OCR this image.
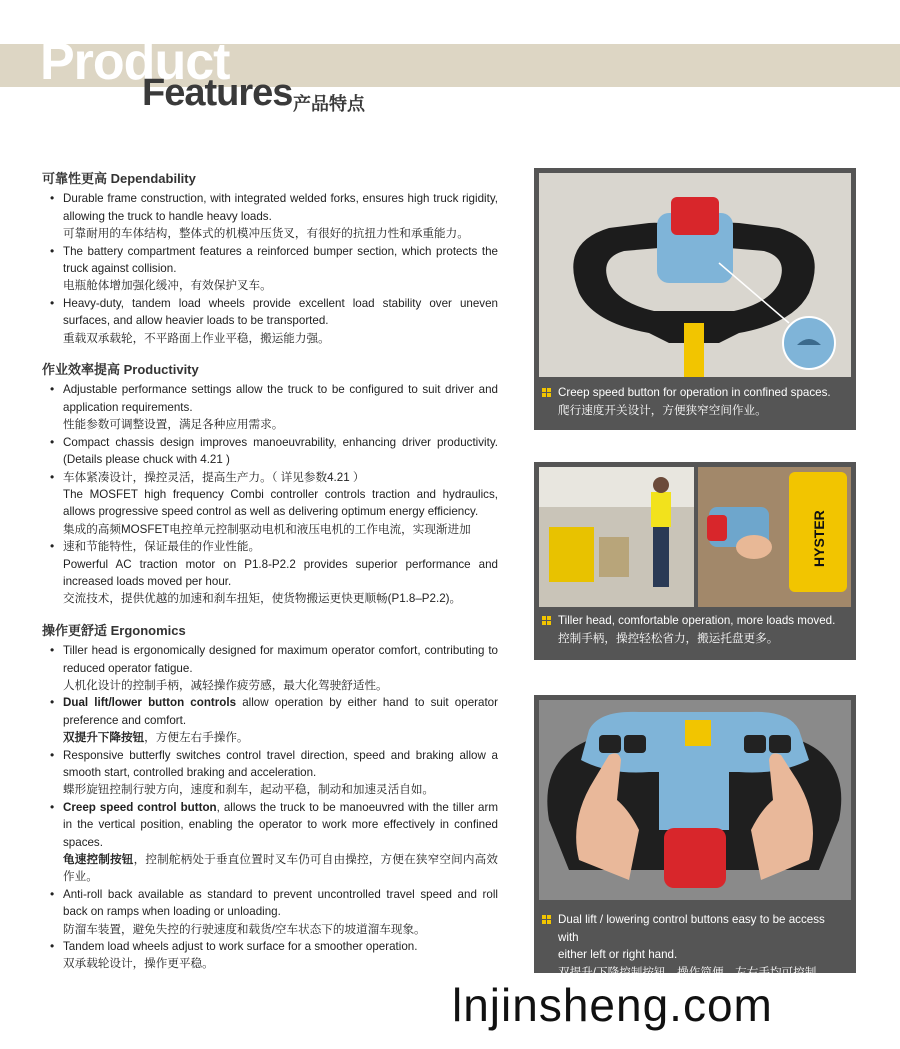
Product
Features 产品特点
可靠性更高 Dependability
• Durable frame construction, with integrated welded forks, ensures high truck rigidity, allowing the truck to handle heavy loads.
可靠耐用的车体结构，整体式的机模冲压货叉，有很好的抗扭力性和承重能力。
• The battery compartment features a reinforced bumper section, which protects the truck against collision.
电瓶舱体增加强化缓冲，有效保护叉车。
• Heavy-duty, tandem load wheels provide excellent load stability over uneven surfaces, and allow heavier loads to be transported.
重载双承载轮，不平路面上作业平稳，搬运能力强。
作业效率提高 Productivity
• Adjustable performance settings allow the truck to be configured to suit driver and application requirements.
性能参数可调整设置，满足各种应用需求。
• Compact chassis design improves manoeuvrability, enhancing driver productivity. (Details please chuck with 4.21 )
• 车体紧凑设计，操控灵活，提高生产力。（ 详见参数4.21 ）
The MOSFET high frequency Combi controller controls traction and hydraulics, allows progressive speed control as well as delivering optimum energy efficiency.
集成的高频MOSFET电控单元控制驱动电机和液压电机的工作电流，实现渐进加
• 速和节能特性，保证最佳的作业性能。
Powerful AC traction motor on P1.8-P2.2 provides superior performance and increased loads moved per hour.
交流技术，提供优越的加速和刹车扭矩，使货物搬运更快更顺畅(P1.8–P2.2)。
操作更舒适 Ergonomics
• Tiller head is ergonomically designed for maximum operator comfort, contributing to reduced operator fatigue.
人机化设计的控制手柄，减轻操作疲劳感，最大化驾驶舒适性。
• Dual lift/lower button controls allow operation by either hand to suit operator preference and comfort.
双提升下降按钮，方便左右手操作。
• Responsive butterfly switches control travel direction, speed and braking allow a smooth start, controlled braking and acceleration.
蝶形旋钮控制行驶方向，速度和刹车，起动平稳，制动和加速灵活自如。
• Creep speed control button, allows the truck to be manoeuvred with the tiller arm in the vertical position, enabling the operator to work more effectively in confined spaces.
龟速控制按钮，控制舵柄处于垂直位置时叉车仍可自由操控，方便在狭窄空间内高效作业。
• Anti-roll back available as standard to prevent uncontrolled travel speed and roll back on ramps when loading or unloading.
防溜车装置，避免失控的行驶速度和载货/空车状态下的坡道溜车现象。
• Tandem load wheels adjust to work surface for a smoother operation.
双承载轮设计，操作更平稳。
Creep speed button for operation in confined spaces.
爬行速度开关设计，方便狭窄空间作业。
HYSTER
Tiller head, comfortable operation, more loads moved.
控制手柄，操控轻松省力，搬运托盘更多。
Dual lift / lowering control buttons easy to be access with
either left or right hand.
双提升/下降控制按钮，操作简便，左右手均可控制。
lnjinsheng.com
